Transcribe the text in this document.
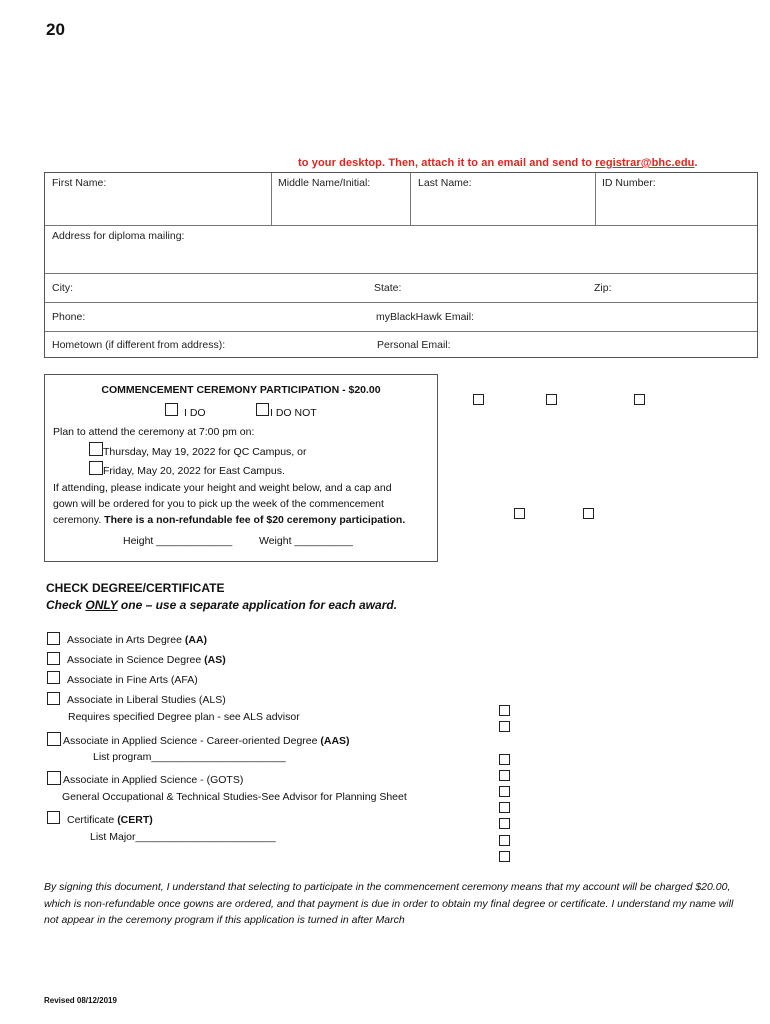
20
to your desktop. Then, attach it to an email and send to registrar@bhc.edu.
First Name:	Middle Name/Initial:	Last Name:	ID Number:
Address for diploma mailing:
City:	State:	Zip:
Phone:	myBlackHawk Email:
Hometown (if different from address):	Personal Email:
COMMENCEMENT CEREMONY PARTICIPATION - $20.00
I DO	I DO NOT
Plan to attend the ceremony at 7:00 pm on:
Thursday, May 19, 2022 for QC Campus, or
Friday, May 20, 2022 for East Campus.
If attending, please indicate your height and weight below, and a cap and
gown will be ordered for you to pick up the week of the commencement
ceremony. There is a non-refundable fee of $20 ceremony participation.
Height _____________	Weight __________
CHECK DEGREE/CERTIFICATE
Check ONLY one – use a separate application for each award.
Associate in Arts Degree (AA)
Associate in Science Degree (AS)
Associate in Fine Arts (AFA)
Associate in Liberal Studies (ALS)
Requires specified Degree plan - see ALS advisor
Associate in Applied Science - Career-oriented Degree (AAS)
List program_______________________
Associate in Applied Science - (GOTS)
General Occupational & Technical Studies-See Advisor for Planning Sheet
Certificate (CERT)
List Major________________________
By signing this document, I understand that selecting to participate in the commencement ceremony means that my account will be charged $20.00, which is non-refundable once gowns are ordered, and that payment is due in order to obtain my final degree or certificate. I understand my name will not appear in the ceremony program if this application is turned in after March
Revised 08/12/2019
